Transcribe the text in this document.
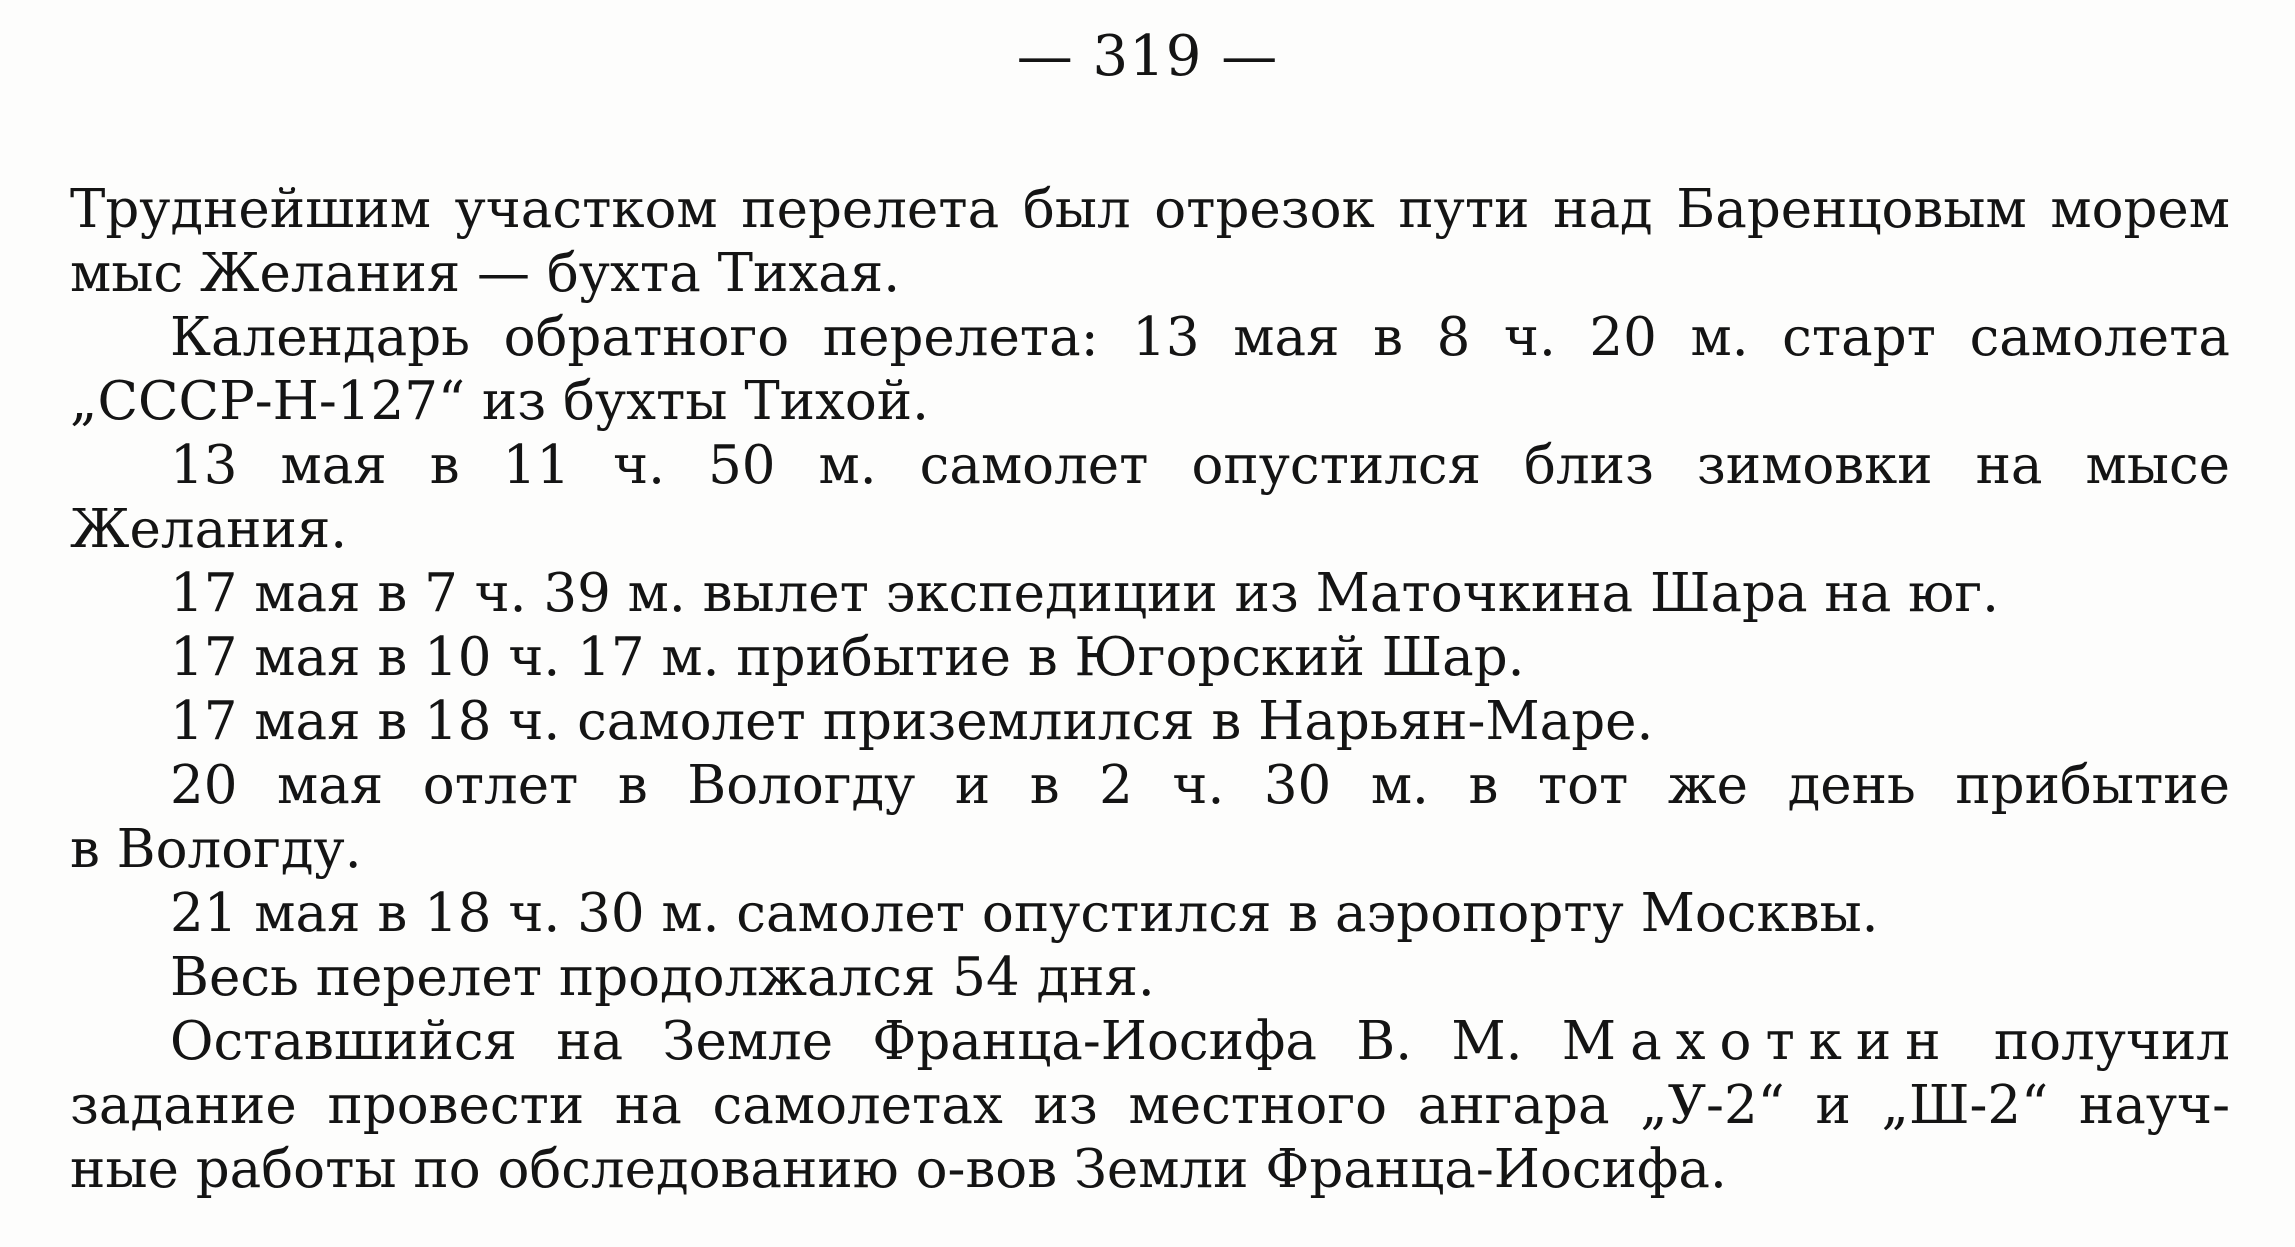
— 319 —
Труднейшим участком перелета был отрезок пути над Баренцовым морем
мыс Желания — бухта Тихая.
Календарь обратного перелета: 13 мая в 8 ч. 20 м. старт самолета
„СССР-Н-127“ из бухты Тихой.
13 мая в 11 ч. 50 м. самолет опустился близ зимовки на мысе
Желания.
17 мая в 7 ч. 39 м. вылет экспедиции из Маточкина Шара на юг.
17 мая в 10 ч. 17 м. прибытие в Югорский Шар.
17 мая в 18 ч. самолет приземлился в Нарьян-Маре.
20 мая отлет в Вологду и в 2 ч. 30 м. в тот же день прибытие
в Вологду.
21 мая в 18 ч. 30 м. самолет опустился в аэропорту Москвы.
Весь перелет продолжался 54 дня.
Оставшийся на Земле Франца-Иосифа В. М. Махоткин получил
задание провести на самолетах из местного ангара „У-2“ и „Ш-2“ науч-
ные работы по обследованию о-вов Земли Франца-Иосифа.
